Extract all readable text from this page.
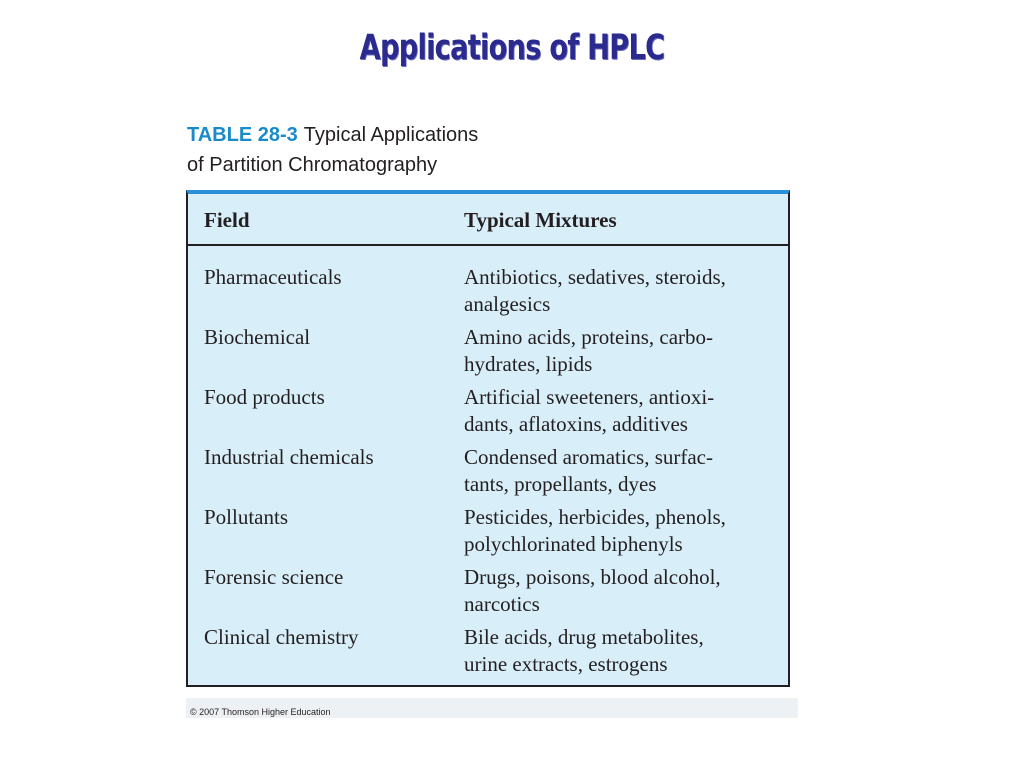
Applications of HPLC
TABLE 28-3 Typical Applications
of Partition Chromatography
Field	Typical Mixtures
Pharmaceuticals	Antibiotics, sedatives, steroids,
analgesics
Biochemical	Amino acids, proteins, carbo-
hydrates, lipids
Food products	Artificial sweeteners, antioxi-
dants, aflatoxins, additives
Industrial chemicals	Condensed aromatics, surfac-
tants, propellants, dyes
Pollutants	Pesticides, herbicides, phenols,
polychlorinated biphenyls
Forensic science	Drugs, poisons, blood alcohol,
narcotics
Clinical chemistry	Bile acids, drug metabolites,
urine extracts, estrogens
© 2007 Thomson Higher Education
